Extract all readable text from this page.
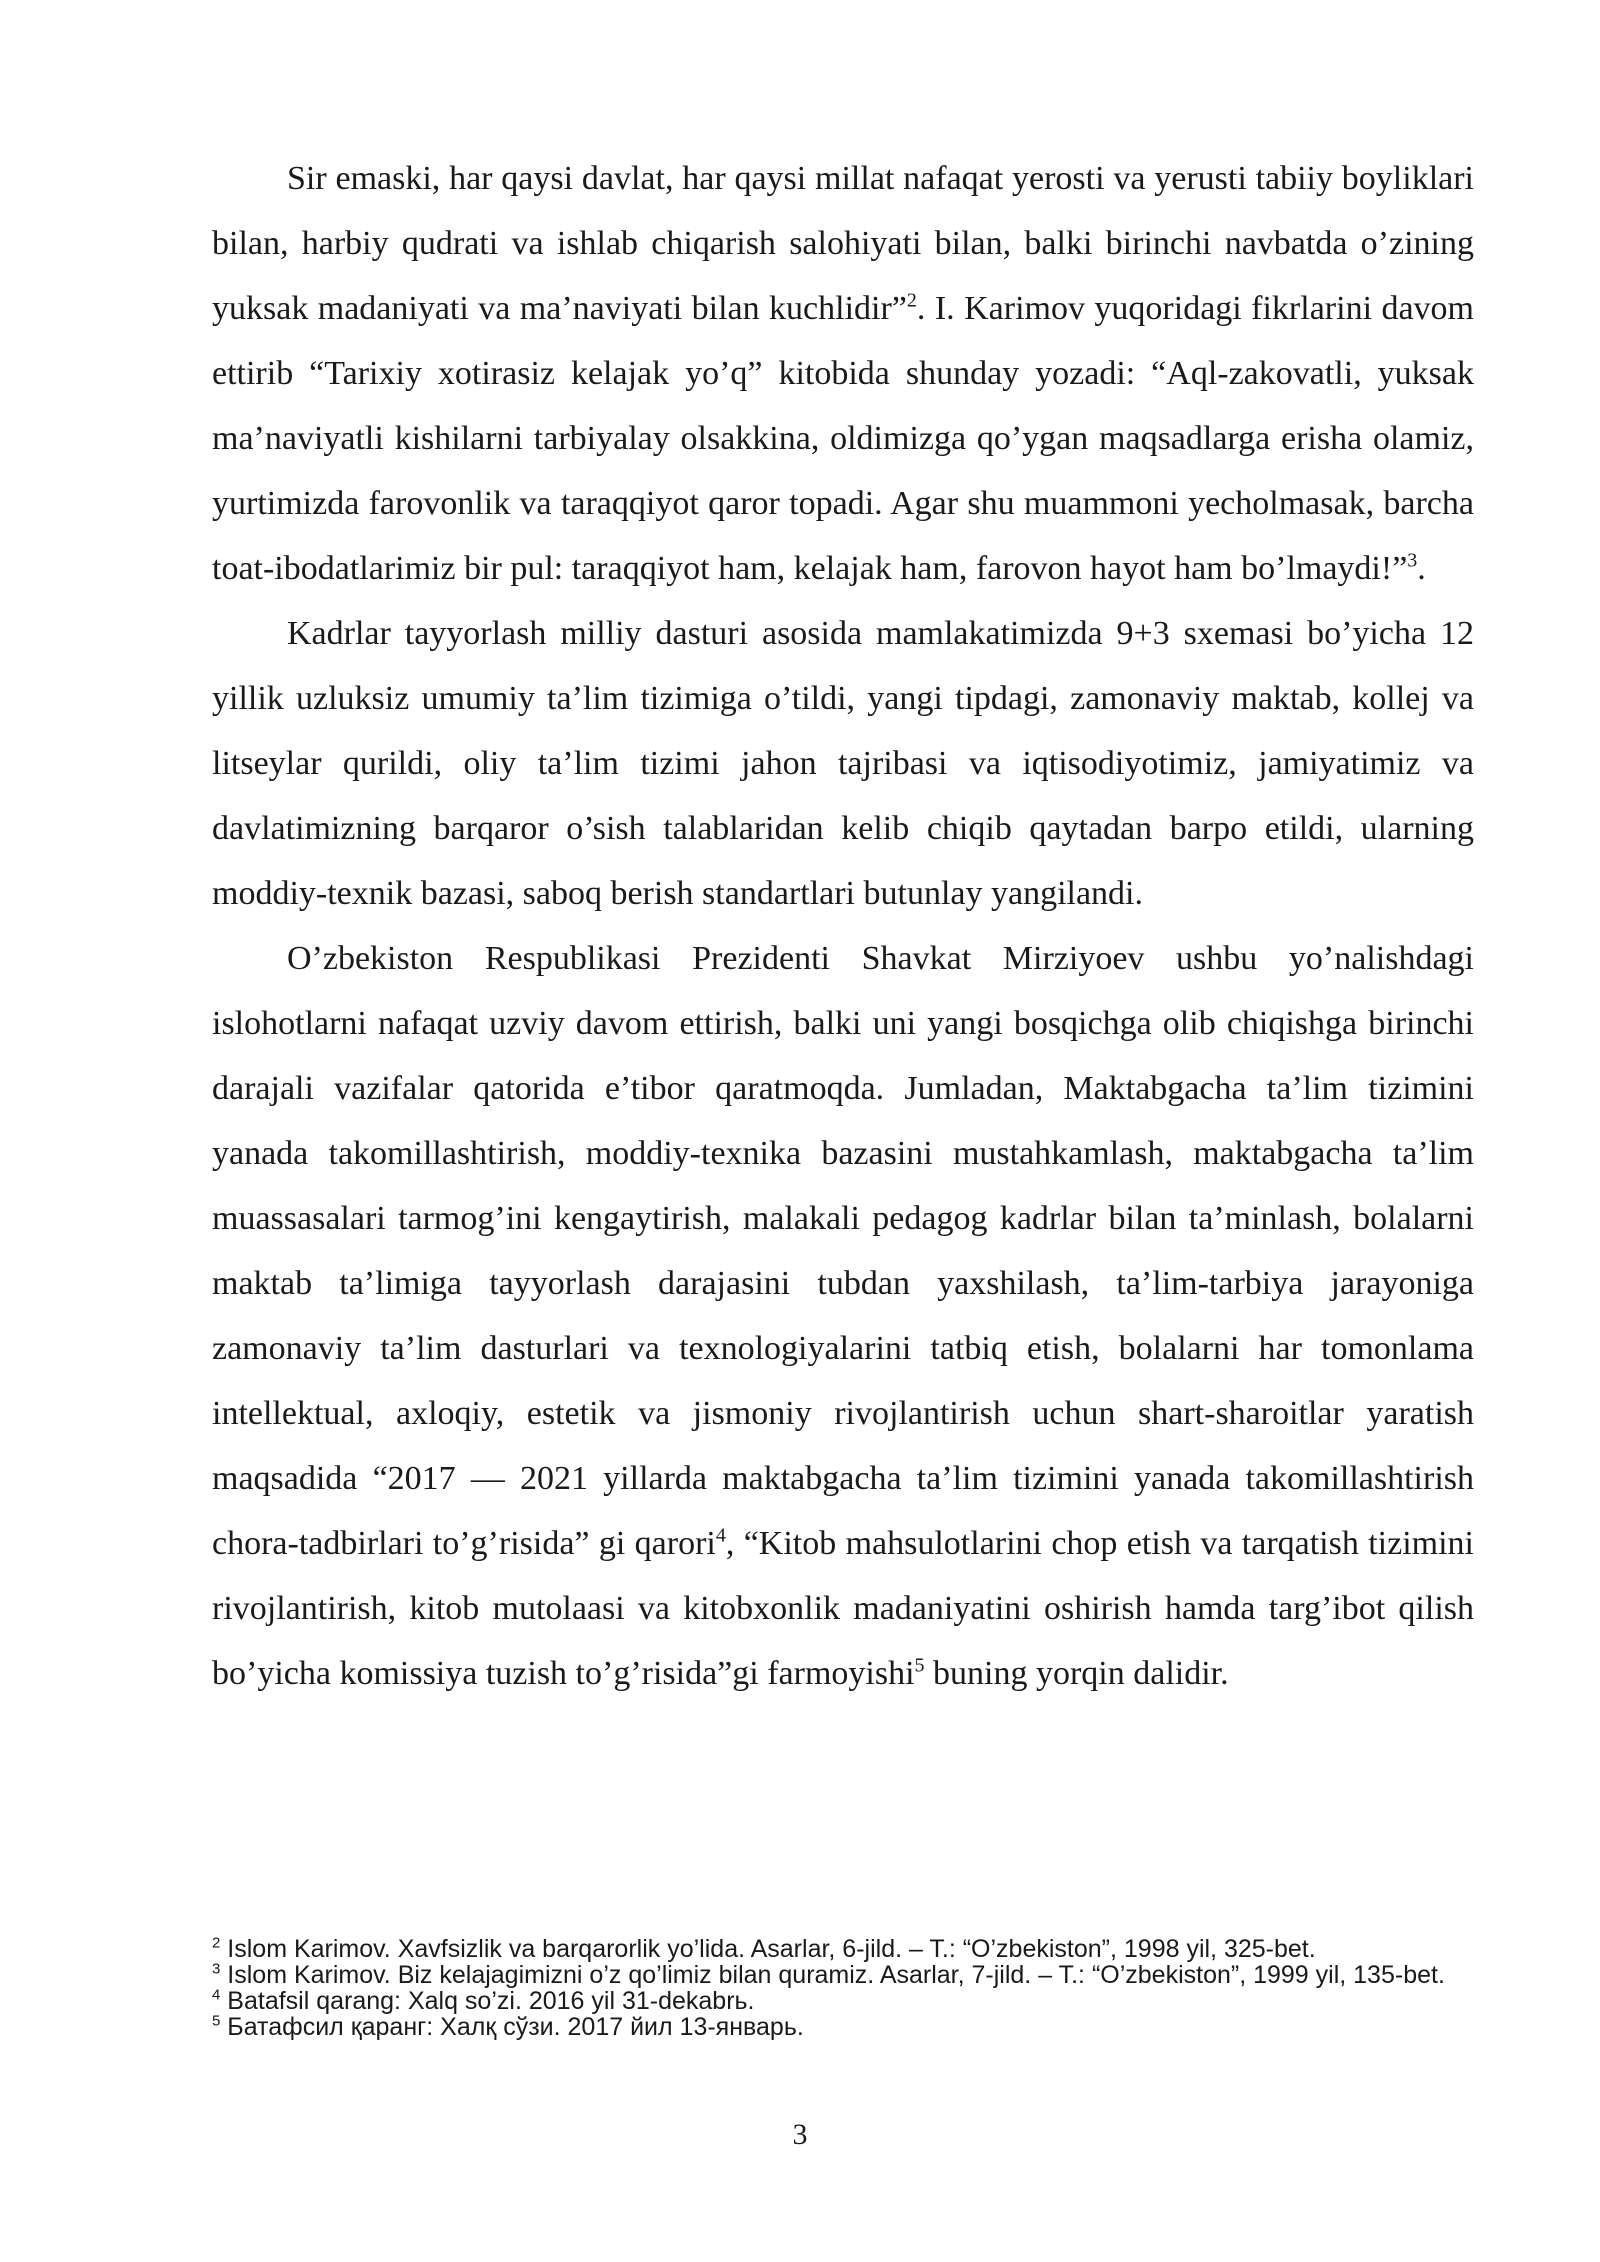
Sir emaski, har qaysi davlat, har qaysi millat nafaqat yerosti va yerusti tabiiy boyliklari bilan, harbiy qudrati va ishlab chiqarish salohiyati bilan, balki birinchi navbatda o’zining yuksak madaniyati va ma’naviyati bilan kuchlidir”$^2$. I. Karimov yuqoridagi fikrlarini davom ettirib “Tarixiy xotirasiz kelajak yo’q” kitobida shunday yozadi: “Aql-zakovatli, yuksak ma’naviyatli kishilarni tarbiyalay olsakkina, oldimizga qo’ygan maqsadlarga erisha olamiz, yurtimizda farovonlik va taraqqiyot qaror topadi. Agar shu muammoni yecholmasak, barcha toat-ibodatlarimiz bir pul: taraqqiyot ham, kelajak ham, farovon hayot ham bo’lmaydi!”$^3$.

Kadrlar tayyorlash milliy dasturi asosida mamlakatimizda 9+3 sxemasi bo’yicha 12 yillik uzluksiz umumiy ta’lim tizimiga o’tildi, yangi tipdagi, zamonaviy maktab, kollej va litseylar qurildi, oliy ta’lim tizimi jahon tajribasi va iqtisodiyotimiz, jamiyatimiz va davlatimizning barqaror o’sish talablaridan kelib chiqib qaytadan barpo etildi, ularning moddiy-texnik bazasi, saboq berish standartlari butunlay yangilandi.

O’zbekiston Respublikasi Prezidenti Shavkat Mirziyoev ushbu yo’nalishdagi islohotlarni nafaqat uzviy davom ettirish, balki uni yangi bosqichga olib chiqishga birinchi darajali vazifalar qatorida e’tibor qaratmoqda. Jumladan, Maktabgacha ta’lim tizimini yanada takomillashtirish, moddiy-texnika bazasini mustahkamlash, maktabgacha ta’lim muassasalari tarmog’ini kengaytirish, malakali pedagog kadrlar bilan ta’minlash, bolalarni maktab ta’limiga tayyorlash darajasini tubdan yaxshilash, ta’lim-tarbiya jarayoniga zamonaviy ta’lim dasturlari va texnologiyalarini tatbiq etish, bolalarni har tomonlama intellektual, axloqiy, estetik va jismoniy rivojlantirish uchun shart-sharoitlar yaratish maqsadida “2017 — 2021 yillarda maktabgacha ta’lim tizimini yanada takomillashtirish chora-tadbirlari to’g’risida” gi qarori$^4$, “Kitob mahsulotlarini chop etish va tarqatish tizimini rivojlantirish, kitob mutolaasi va kitobxonlik madaniyatini oshirish hamda targ’ibot qilish bo’yicha komissiya tuzish to’g’risida”gi farmoyishi$^5$ buning yorqin dalidir.

$^2$ Islom Karimov. Xavfsizlik va barqarorlik yo’lida. Asarlar, 6-jild. – T.: “O’zbekiston”, 1998 yil, 325-bet.

$^3$ Islom Karimov. Biz kelajagimizni o’z qo’limiz bilan quramiz. Asarlar, 7-jild. – T.: “O’zbekiston”, 1999 yil, 135-bet.

$^4$ Batafsil qarang: Xalq so’zi. 2016 yil 31-dekabrь.

$^5$ Батафсил қаранг: Халқ сўзи. 2017 йил 13-январь.

3
